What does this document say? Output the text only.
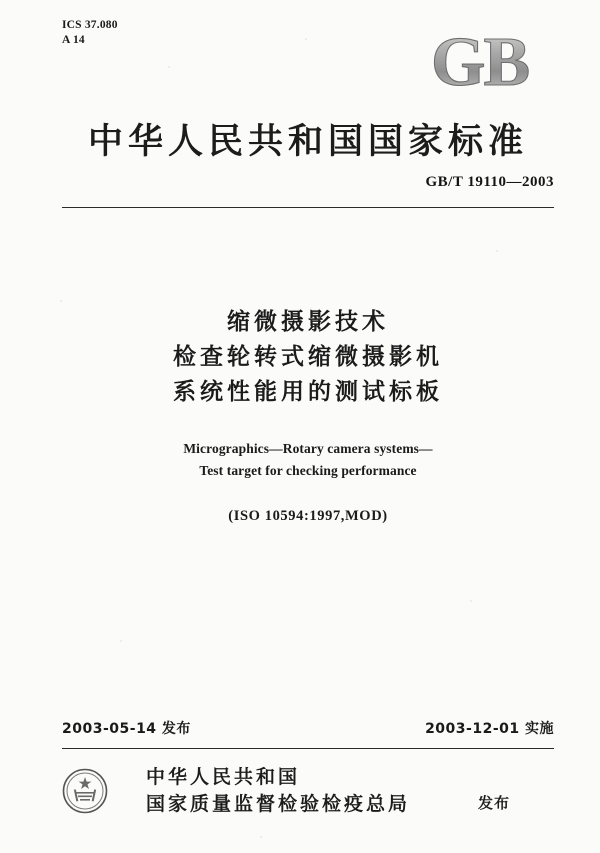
ICS 37.080
A 14	GB
中华人民共和国国家标准
GB/T 19110—2003
缩微摄影技术
检查轮转式缩微摄影机
系统性能用的测试标板
Micrographics—Rotary camera systems—
Test target for checking performance
(ISO 10594:1997,MOD)
2003-05-14 发布	2003-12-01 实施
中华人民共和国
国家质量监督检验检疫总局	发布
